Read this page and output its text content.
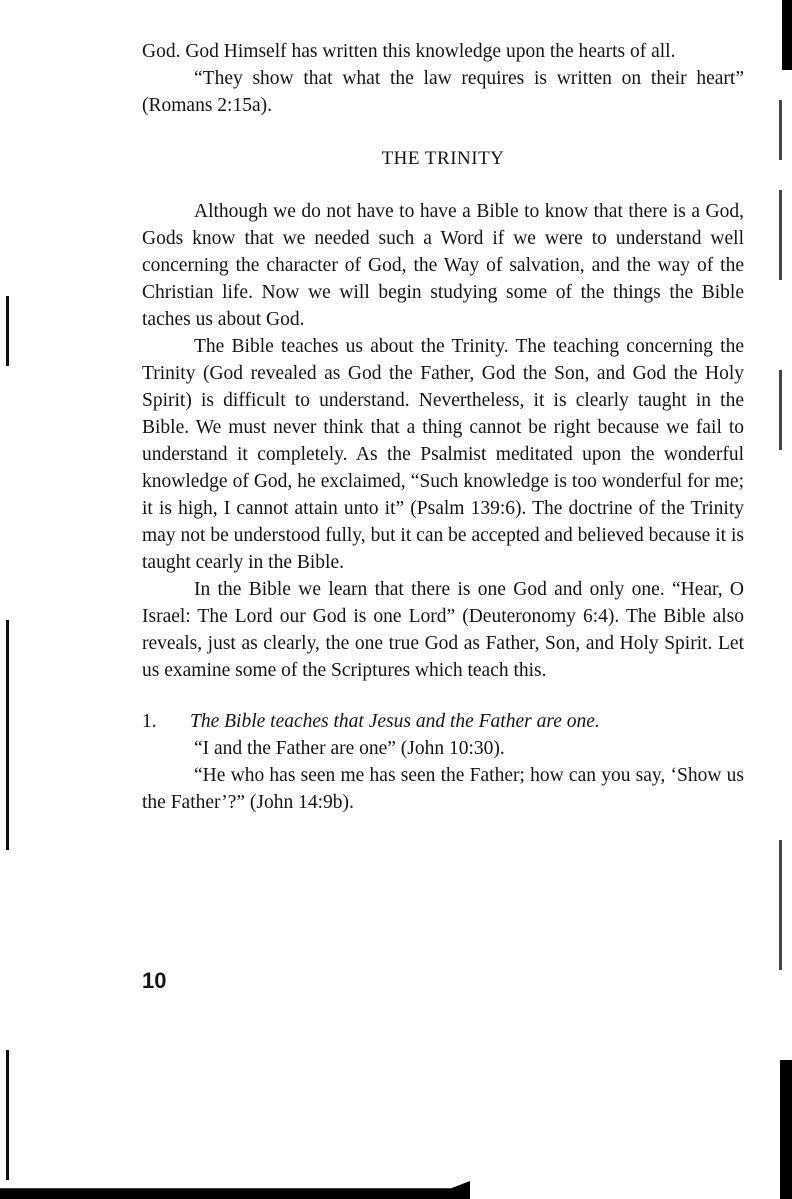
God. God Himself has written this knowledge upon the hearts of all.

“They show that what the law requires is written on their heart” (Romans 2:15a).

THE TRINITY

Although we do not have to have a Bible to know that there is a God, Gods know that we needed such a Word if we were to understand well concerning the character of God, the Way of salvation, and the way of the Christian life. Now we will begin studying some of the things the Bible taches us about God.

The Bible teaches us about the Trinity. The teaching concerning the Trinity (God revealed as God the Father, God the Son, and God the Holy Spirit) is difficult to understand. Nevertheless, it is clearly taught in the Bible. We must never think that a thing cannot be right because we fail to understand it completely. As the Psalmist meditated upon the wonderful knowledge of God, he exclaimed, “Such knowledge is too wonderful for me; it is high, I cannot attain unto it” (Psalm 139:6). The doctrine of the Trinity may not be understood fully, but it can be accepted and believed because it is taught cearly in the Bible.

In the Bible we learn that there is one God and only one. “Hear, O Israel: The Lord our God is one Lord” (Deuteronomy 6:4). The Bible also reveals, just as clearly, the one true God as Father, Son, and Holy Spirit. Let us examine some of the Scriptures which teach this.

1.	The Bible teaches that Jesus and the Father are one.

“I and the Father are one” (John 10:30).

“He who has seen me has seen the Father; how can you say, ‘Show us the Father’?” (John 14:9b).

10
